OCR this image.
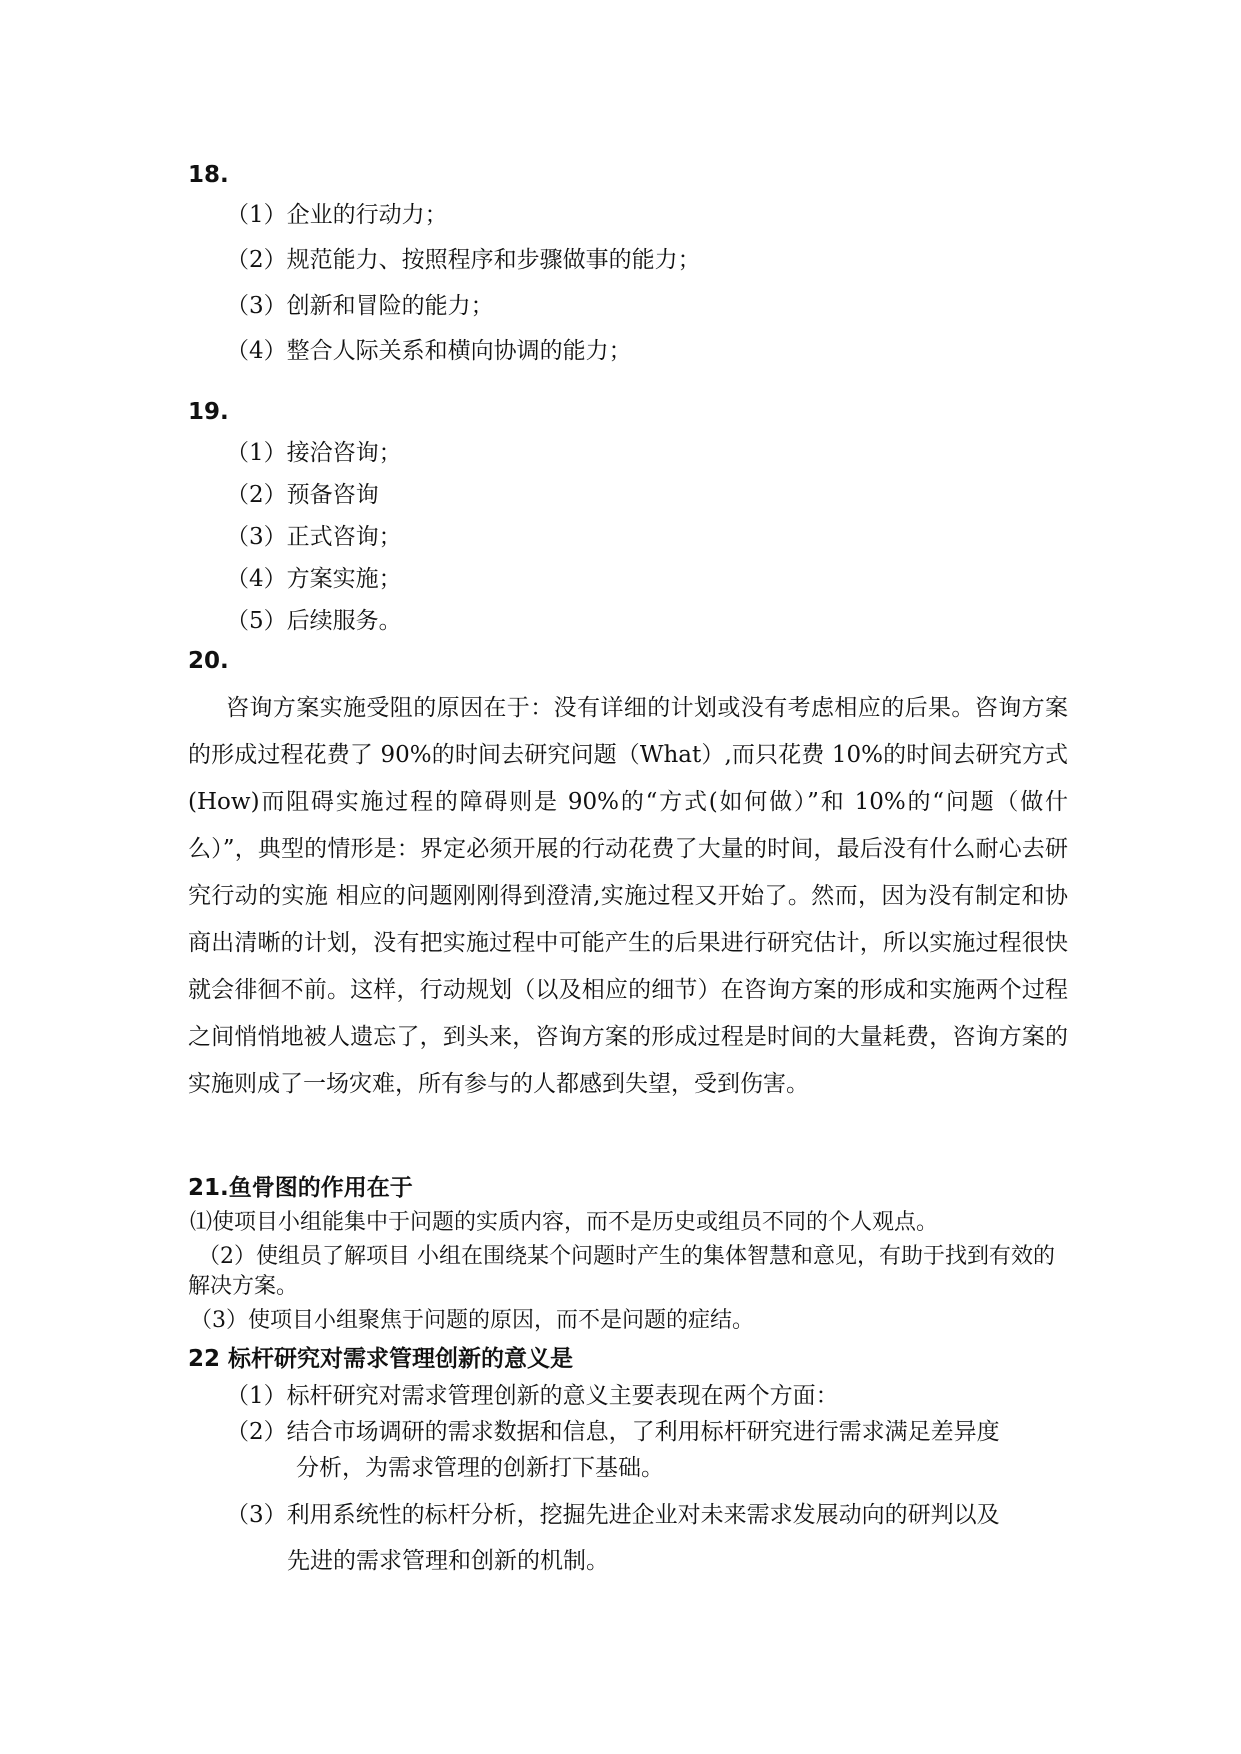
18.
（1）企业的行动力；
（2）规范能力、按照程序和步骤做事的能力；
（3）创新和冒险的能力；
（4）整合人际关系和横向协调的能力；
19.
（1）接洽咨询；
（2）预备咨询
（3）正式咨询；
（4）方案实施；
（5）后续服务。
20.

咨询方案实施受阻的原因在于：没有详细的计划或没有考虑相应的后果。咨询方案的形成过程花费了 90%的时间去研究问题（What）,而只花费 10%的时间去研究方式(How)而阻碍实施过程的障碍则是 90%的“方式(如何做）”和 10%的“问题（做什么）”，典型的情形是：界定必须开展的行动花费了大量的时间，最后没有什么耐心去研究行动的实施 相应的问题刚刚得到澄清,实施过程又开始了。然而，因为没有制定和协商出清晰的计划，没有把实施过程中可能产生的后果进行研究估计，所以实施过程很快就会徘徊不前。这样，行动规划（以及相应的细节）在咨询方案的形成和实施两个过程之间悄悄地被人遗忘了，到头来，咨询方案的形成过程是时间的大量耗费，咨询方案的实施则成了一场灾难，所有参与的人都感到失望，受到伤害。

21.鱼骨图的作用在于
⑴使项目小组能集中于问题的实质内容，而不是历史或组员不同的个人观点。

（2）使组员了解项目 小组在围绕某个问题时产生的集体智慧和意见，有助于找到有效的解决方案。

（3）使项目小组聚焦于问题的原因，而不是问题的症结。
22 标杆研究对需求管理创新的意义是
（1）标杆研究对需求管理创新的意义主要表现在两个方面：
（2）结合市场调研的需求数据和信息，了利用标杆研究进行需求满足差异度
分析，为需求管理的创新打下基础。
（3）利用系统性的标杆分析，挖掘先进企业对未来需求发展动向的研判以及
先进的需求管理和创新的机制。
